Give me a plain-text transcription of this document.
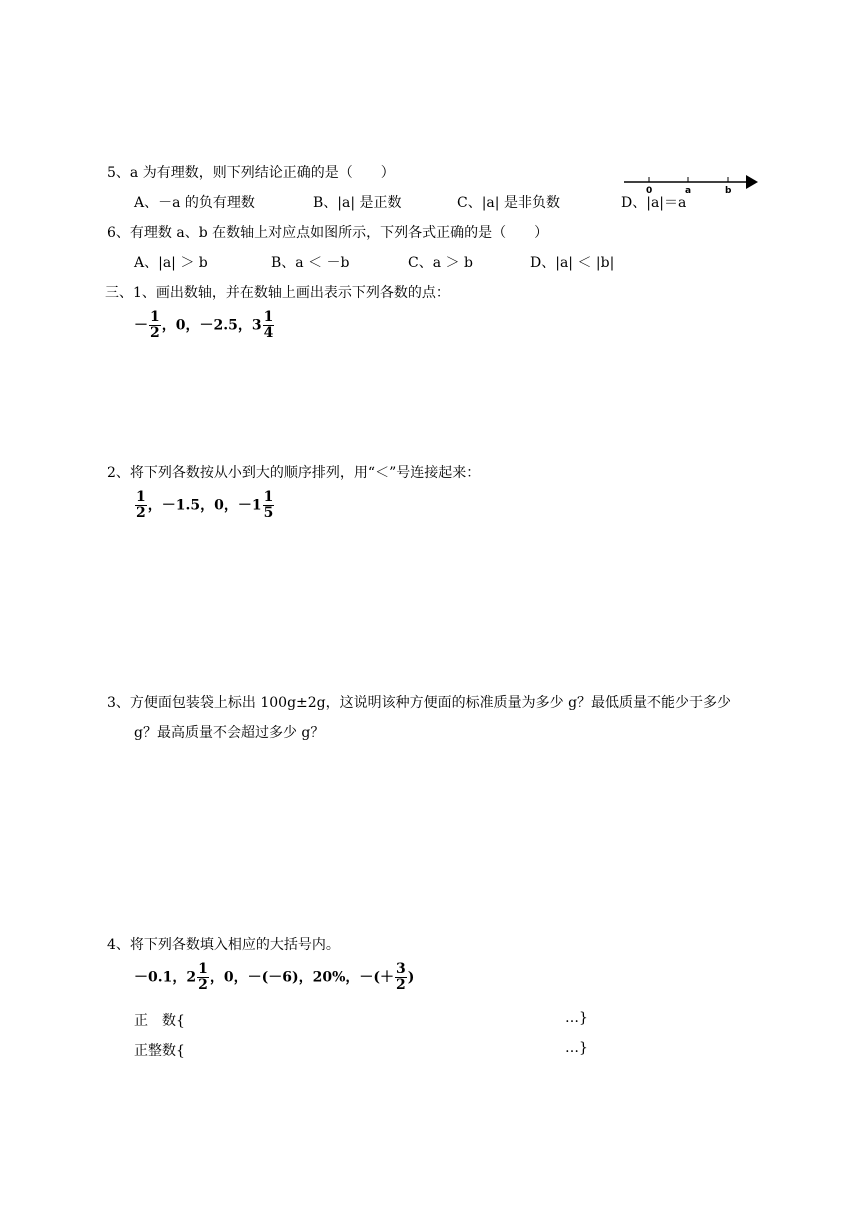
5、a 为有理数，则下列结论正确的是（　　）
A、－a 的负有理数	B、|a| 是正数	C、|a| 是非负数	D、|a|＝a
0	a	b
6、有理数 a、b 在数轴上对应点如图所示，下列各式正确的是（　　）
A、|a| ＞ b	B、a ＜ －b	C、a ＞ b	D、|a| ＜ |b|
三、1、画出数轴，并在数轴上画出表示下列各数的点：
－ $\frac{1}{2}$ ，0，－2.5，$3 \frac{1}{4}$
2、将下列各数按从小到大的顺序排列，用“＜”号连接起来：
$\frac{1}{2}$ ，－1.5，0，$-1 \frac{1}{5}$
3、方便面包装袋上标出 100g±2g，这说明该种方便面的标准质量为多少 g？最低质量不能少于多少
g？最高质量不会超过多少 g？
4、将下列各数填入相应的大括号内。
－0.1，$2 \frac{1}{2}$ ，0，－(－6)，20%，－(＋ $\frac{3}{2}$ )
正　数{	…}
正整数{	…}
